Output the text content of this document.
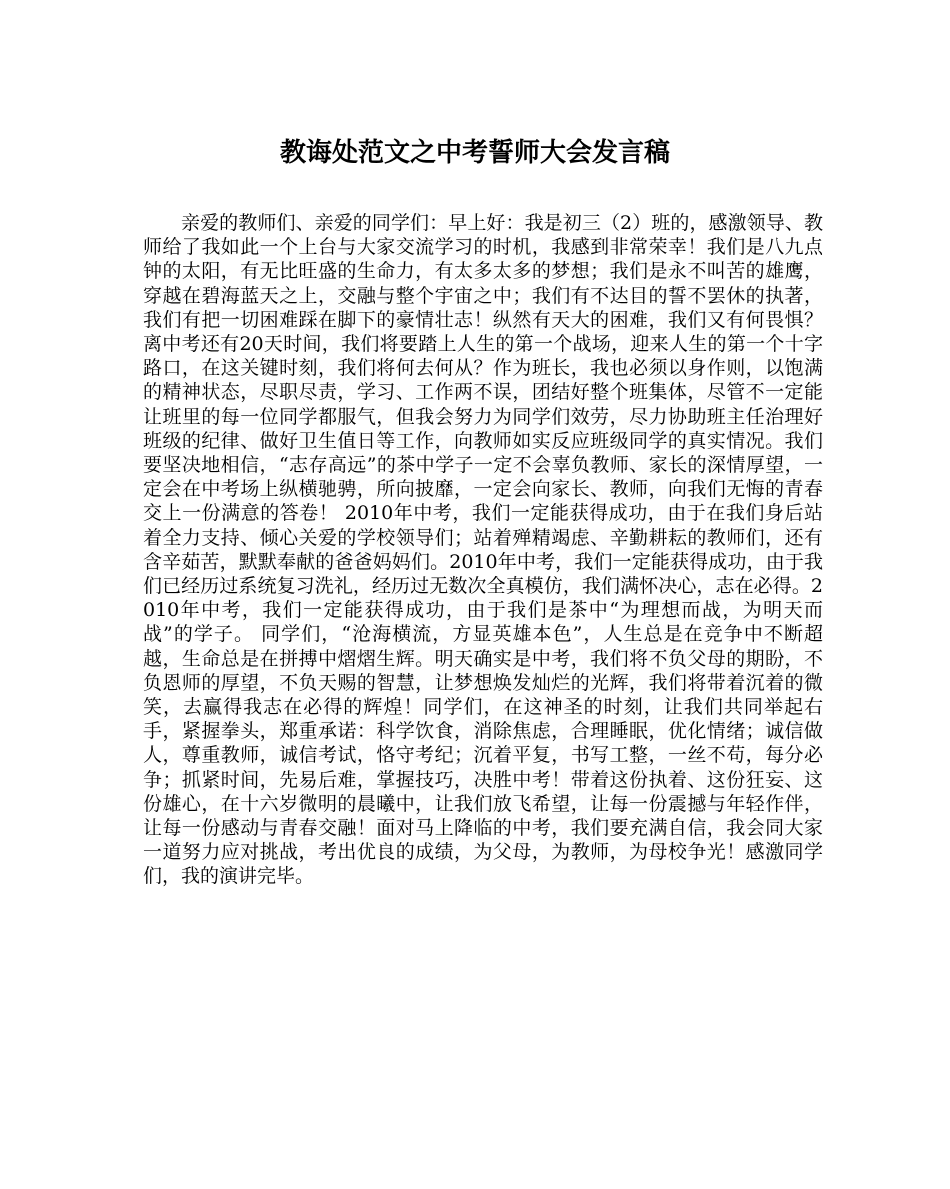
教诲处范文之中考誓师大会发言稿

亲爱的教师们、亲爱的同学们：早上好：我是初三（2）班的，感激领导、教师给了我如此一个上台与大家交流学习的时机，我感到非常荣幸！我们是八九点钟的太阳，有无比旺盛的生命力，有太多太多的梦想；我们是永不叫苦的雄鹰，穿越在碧海蓝天之上，交融与整个宇宙之中；我们有不达目的誓不罢休的执著，我们有把一切困难踩在脚下的豪情壮志！纵然有天大的困难，我们又有何畏惧？离中考还有20天时间，我们将要踏上人生的第一个战场，迎来人生的第一个十字路口，在这关键时刻，我们将何去何从？作为班长，我也必须以身作则，以饱满的精神状态，尽职尽责，学习、工作两不误，团结好整个班集体，尽管不一定能让班里的每一位同学都服气，但我会努力为同学们效劳，尽力协助班主任治理好班级的纪律、做好卫生值日等工作，向教师如实反应班级同学的真实情况。我们要坚决地相信，“志存高远”的茶中学子一定不会辜负教师、家长的深情厚望，一定会在中考场上纵横驰骋，所向披靡，一定会向家长、教师，向我们无悔的青春交上一份满意的答卷！ 2010年中考，我们一定能获得成功，由于在我们身后站着全力支持、倾心关爱的学校领导们；站着殚精竭虑、辛勤耕耘的教师们，还有含辛茹苦，默默奉献的爸爸妈妈们。2010年中考，我们一定能获得成功，由于我们已经历过系统复习洗礼，经历过无数次全真模仿，我们满怀决心，志在必得。2010年中考，我们一定能获得成功，由于我们是茶中“为理想而战，为明天而战”的学子。 同学们，“沧海横流，方显英雄本色”，人生总是在竞争中不断超越，生命总是在拼搏中熠熠生辉。明天确实是中考，我们将不负父母的期盼，不负恩师的厚望，不负天赐的智慧，让梦想焕发灿烂的光辉，我们将带着沉着的微笑，去赢得我志在必得的辉煌！同学们，在这神圣的时刻，让我们共同举起右手，紧握拳头，郑重承诺：科学饮食，消除焦虑，合理睡眠，优化情绪；诚信做人，尊重教师，诚信考试，恪守考纪；沉着平复，书写工整，一丝不苟，每分必争；抓紧时间，先易后难，掌握技巧，决胜中考！带着这份执着、这份狂妄、这份雄心，在十六岁微明的晨曦中，让我们放飞希望，让每一份震撼与年轻作伴，让每一份感动与青春交融！面对马上降临的中考，我们要充满自信，我会同大家一道努力应对挑战，考出优良的成绩，为父母，为教师，为母校争光！感激同学们，我的演讲完毕。
